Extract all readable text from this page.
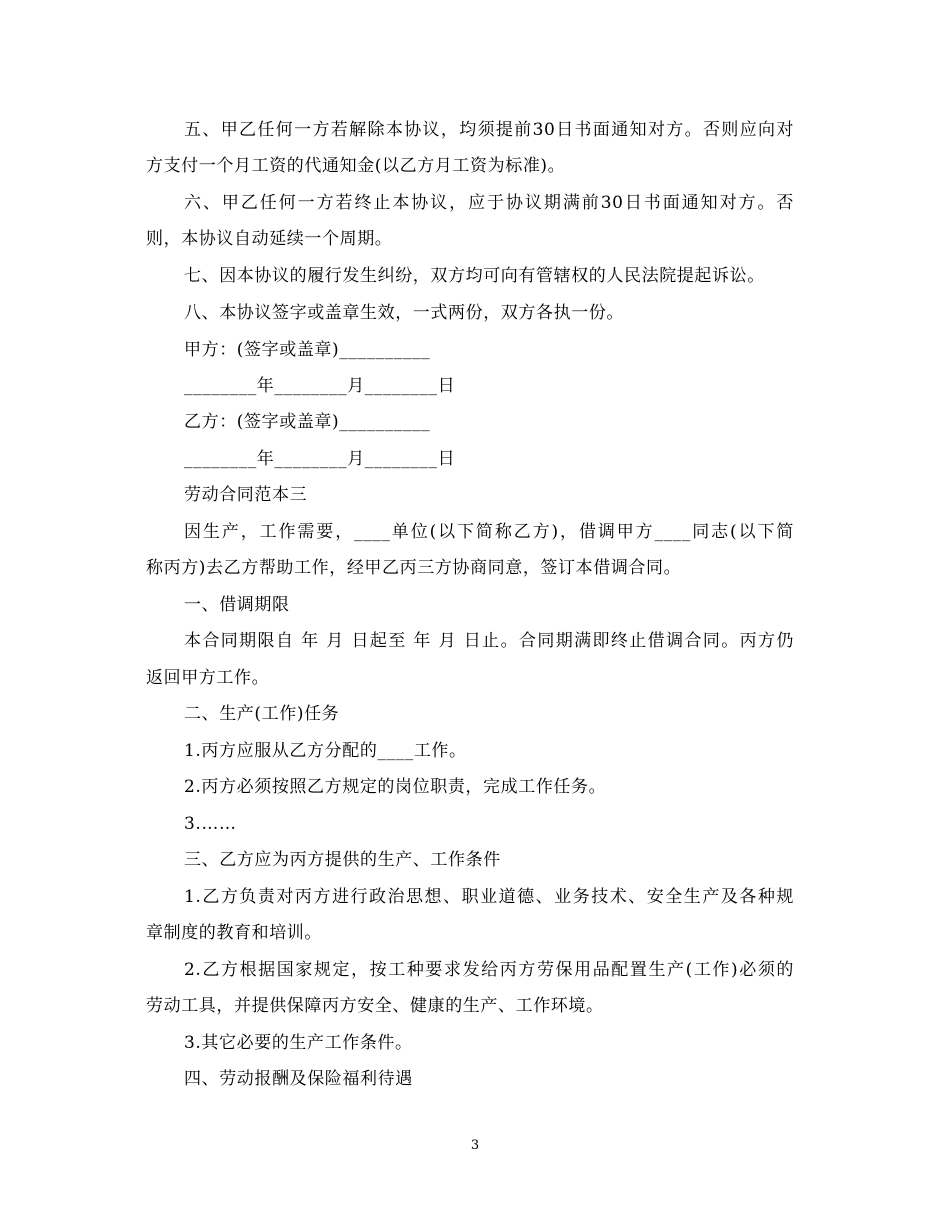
五、甲乙任何一方若解除本协议，均须提前30日书面通知对方。否则应向对
方支付一个月工资的代通知金(以乙方月工资为标准)。
六、甲乙任何一方若终止本协议，应于协议期满前30日书面通知对方。否
则，本协议自动延续一个周期。
七、因本协议的履行发生纠纷，双方均可向有管辖权的人民法院提起诉讼。
八、本协议签字或盖章生效，一式两份，双方各执一份。
甲方：(签字或盖章)__________
________年________月________日
乙方：(签字或盖章)__________
________年________月________日
劳动合同范本三
因生产，工作需要，____单位(以下简称乙方)，借调甲方____同志(以下简
称丙方)去乙方帮助工作，经甲乙丙三方协商同意，签订本借调合同。
一、借调期限
本合同期限自 年 月 日起至 年 月 日止。合同期满即终止借调合同。丙方仍
返回甲方工作。
二、生产(工作)任务
1.丙方应服从乙方分配的____工作。
2.丙方必须按照乙方规定的岗位职责，完成工作任务。
3.……
三、乙方应为丙方提供的生产、工作条件
1.乙方负责对丙方进行政治思想、职业道德、业务技术、安全生产及各种规
章制度的教育和培训。
2.乙方根据国家规定，按工种要求发给丙方劳保用品配置生产(工作)必须的
劳动工具，并提供保障丙方安全、健康的生产、工作环境。
3.其它必要的生产工作条件。
四、劳动报酬及保险福利待遇
3
